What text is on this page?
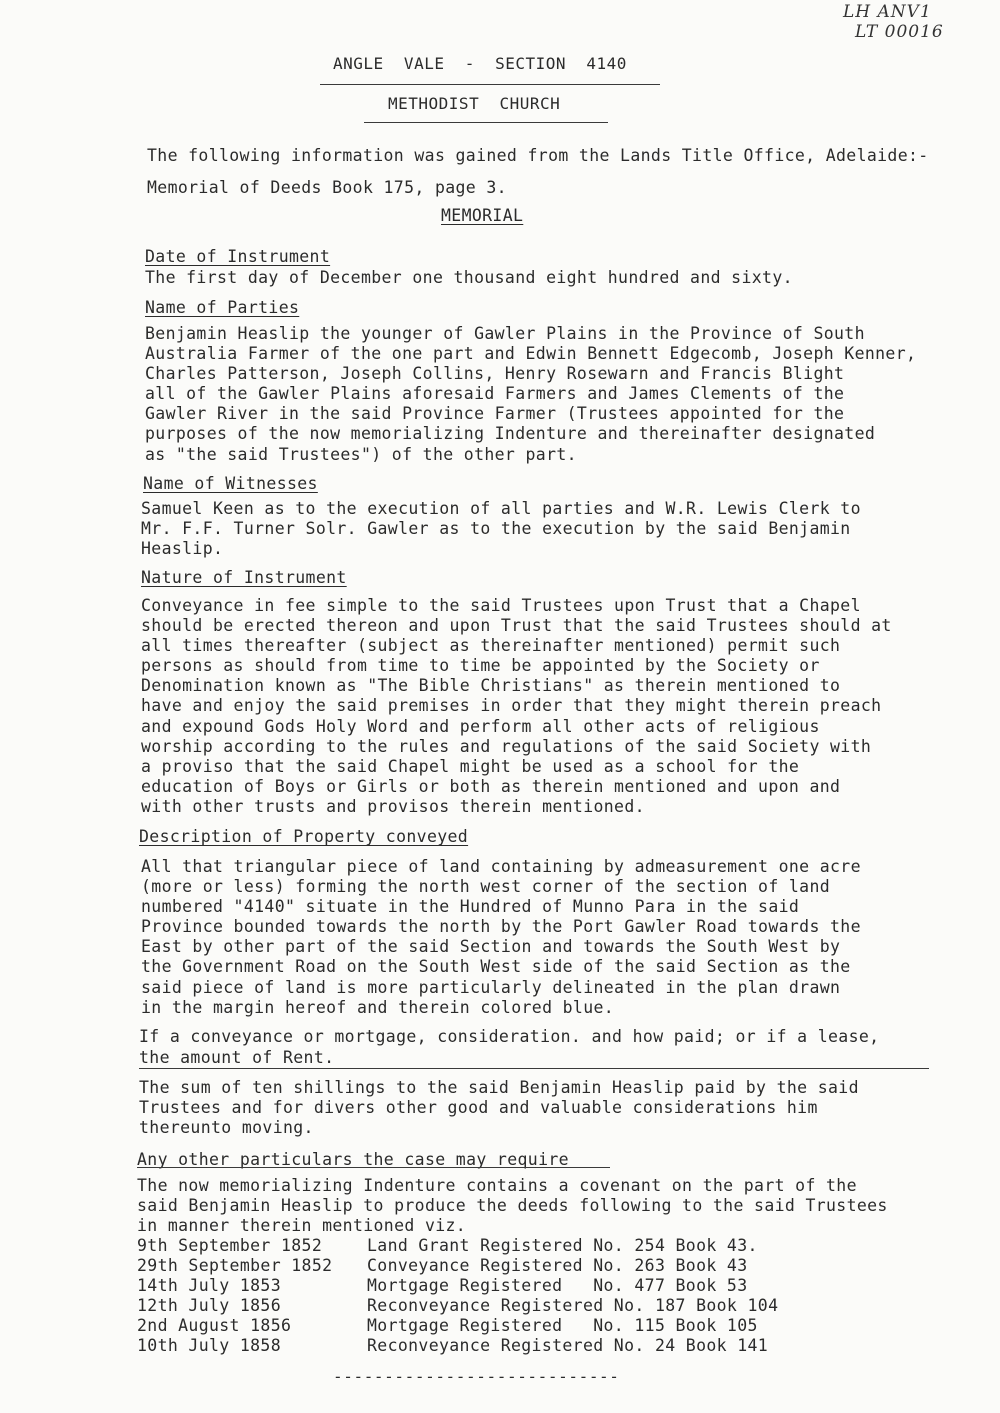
LH ANV1
LT 00016
ANGLE  VALE  -  SECTION  4140
METHODIST  CHURCH
The following information was gained from the Lands Title Office, Adelaide:-
Memorial of Deeds Book 175, page 3.
MEMORIAL
Date of Instrument
The first day of December one thousand eight hundred and sixty.
Name of Parties
Benjamin Heaslip the younger of Gawler Plains in the Province of South
Australia Farmer of the one part and Edwin Bennett Edgecomb, Joseph Kenner,
Charles Patterson, Joseph Collins, Henry Rosewarn and Francis Blight
all of the Gawler Plains aforesaid Farmers and James Clements of the
Gawler River in the said Province Farmer (Trustees appointed for the
purposes of the now memorializing Indenture and thereinafter designated
as "the said Trustees") of the other part.
Name of Witnesses
Samuel Keen as to the execution of all parties and W.R. Lewis Clerk to
Mr. F.F. Turner Solr. Gawler as to the execution by the said Benjamin
Heaslip.
Nature of Instrument
Conveyance in fee simple to the said Trustees upon Trust that a Chapel
should be erected thereon and upon Trust that the said Trustees should at
all times thereafter (subject as thereinafter mentioned) permit such
persons as should from time to time be appointed by the Society or
Denomination known as "The Bible Christians" as therein mentioned to
have and enjoy the said premises in order that they might therein preach
and expound Gods Holy Word and perform all other acts of religious
worship according to the rules and regulations of the said Society with
a proviso that the said Chapel might be used as a school for the
education of Boys or Girls or both as therein mentioned and upon and
with other trusts and provisos therein mentioned.
Description of Property conveyed
All that triangular piece of land containing by admeasurement one acre
(more or less) forming the north west corner of the section of land
numbered "4140" situate in the Hundred of Munno Para in the said
Province bounded towards the north by the Port Gawler Road towards the
East by other part of the said Section and towards the South West by
the Government Road on the South West side of the said Section as the
said piece of land is more particularly delineated in the plan drawn
in the margin hereof and therein colored blue.
If a conveyance or mortgage, consideration. and how paid; or if a lease,
the amount of Rent.
The sum of ten shillings to the said Benjamin Heaslip paid by the said
Trustees and for divers other good and valuable considerations him
thereunto moving.
Any other particulars the case may require
The now memorializing Indenture contains a covenant on the part of the
said Benjamin Heaslip to produce the deeds following to the said Trustees
in manner therein mentioned viz.
9th September 1852	Land Grant Registered No. 254 Book 43.
29th September 1852 Conveyance Registered No. 263 Book 43
14th July 1853	Mortgage Registered   No. 477 Book 53
12th July 1856	Reconveyance Registered No. 187 Book 104
2nd August 1856	Mortgage Registered   No. 115 Book 105
10th July 1858	Reconveyance Registered No. 24 Book 141
----------------------------
